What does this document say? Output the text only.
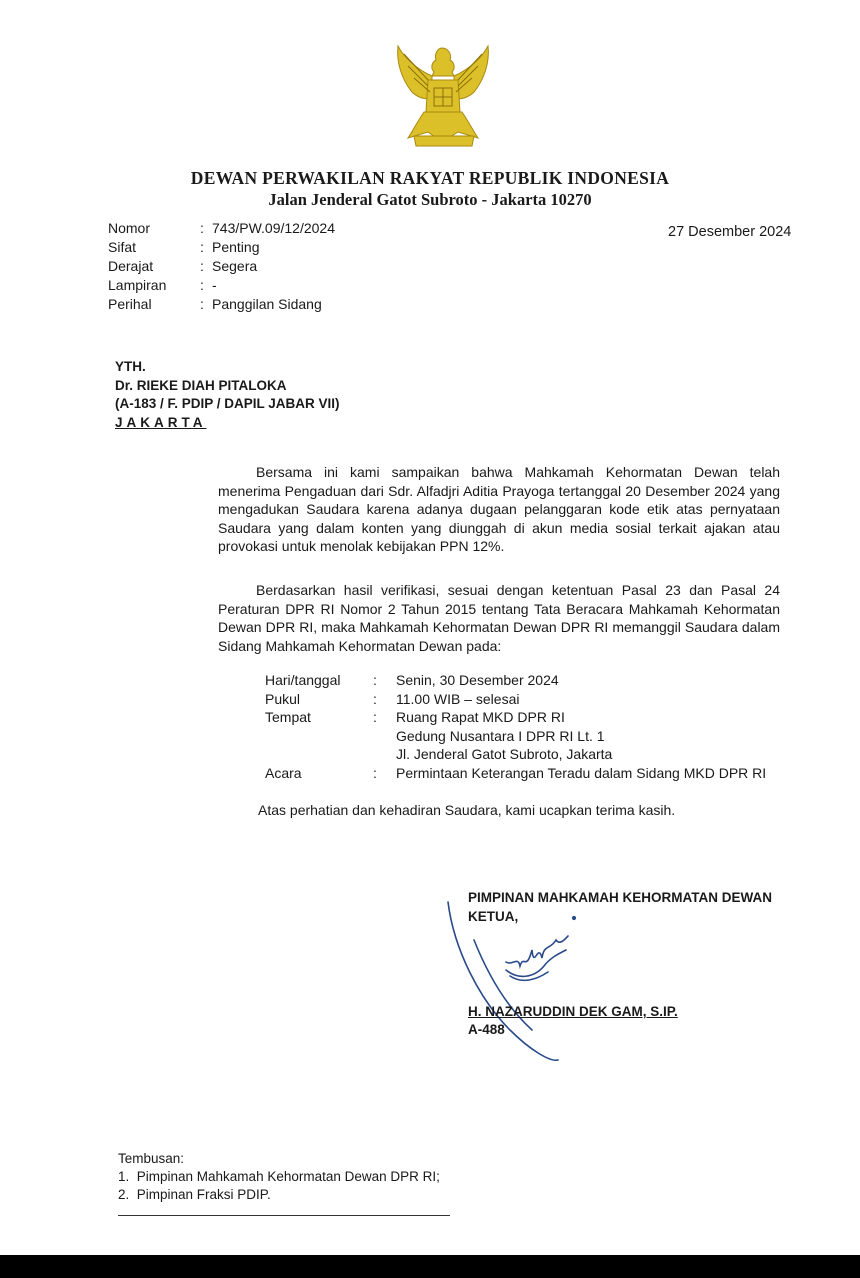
DEWAN PERWAKILAN RAKYAT REPUBLIK INDONESIA
Jalan Jenderal Gatot Subroto - Jakarta 10270
Nomor	: 743/PW.09/12/2024
Sifat	: Penting
Derajat	: Segera
Lampiran	: -
Perihal	: Panggilan Sidang
27 Desember 2024
YTH.
Dr. RIEKE DIAH PITALOKA
(A-183 / F. PDIP / DAPIL JABAR VII)
JAKARTA

Bersama ini kami sampaikan bahwa Mahkamah Kehormatan Dewan telah menerima Pengaduan dari Sdr. Alfadjri Aditia Prayoga tertanggal 20 Desember 2024 yang mengadukan Saudara karena adanya dugaan pelanggaran kode etik atas pernyataan Saudara yang dalam konten yang diunggah di akun media sosial terkait ajakan atau provokasi untuk menolak kebijakan PPN 12%.

Berdasarkan hasil verifikasi, sesuai dengan ketentuan Pasal 23 dan Pasal 24 Peraturan DPR RI Nomor 2 Tahun 2015 tentang Tata Beracara Mahkamah Kehormatan Dewan DPR RI, maka Mahkamah Kehormatan Dewan DPR RI memanggil Saudara dalam Sidang Mahkamah Kehormatan Dewan pada:

Hari/tanggal	:	Senin, 30 Desember 2024
Pukul	:	11.00 WIB – selesai
Tempat	:	Ruang Rapat MKD DPR RI
Gedung Nusantara I DPR RI Lt. 1
Jl. Jenderal Gatot Subroto, Jakarta
Acara	:	Permintaan Keterangan Teradu dalam Sidang MKD DPR RI
Atas perhatian dan kehadiran Saudara, kami ucapkan terima kasih.
PIMPINAN MAHKAMAH KEHORMATAN DEWAN
KETUA,
H. NAZARUDDIN DEK GAM, S.IP.
A-488
Tembusan:
1.  Pimpinan Mahkamah Kehormatan Dewan DPR RI;
2.  Pimpinan Fraksi PDIP.
